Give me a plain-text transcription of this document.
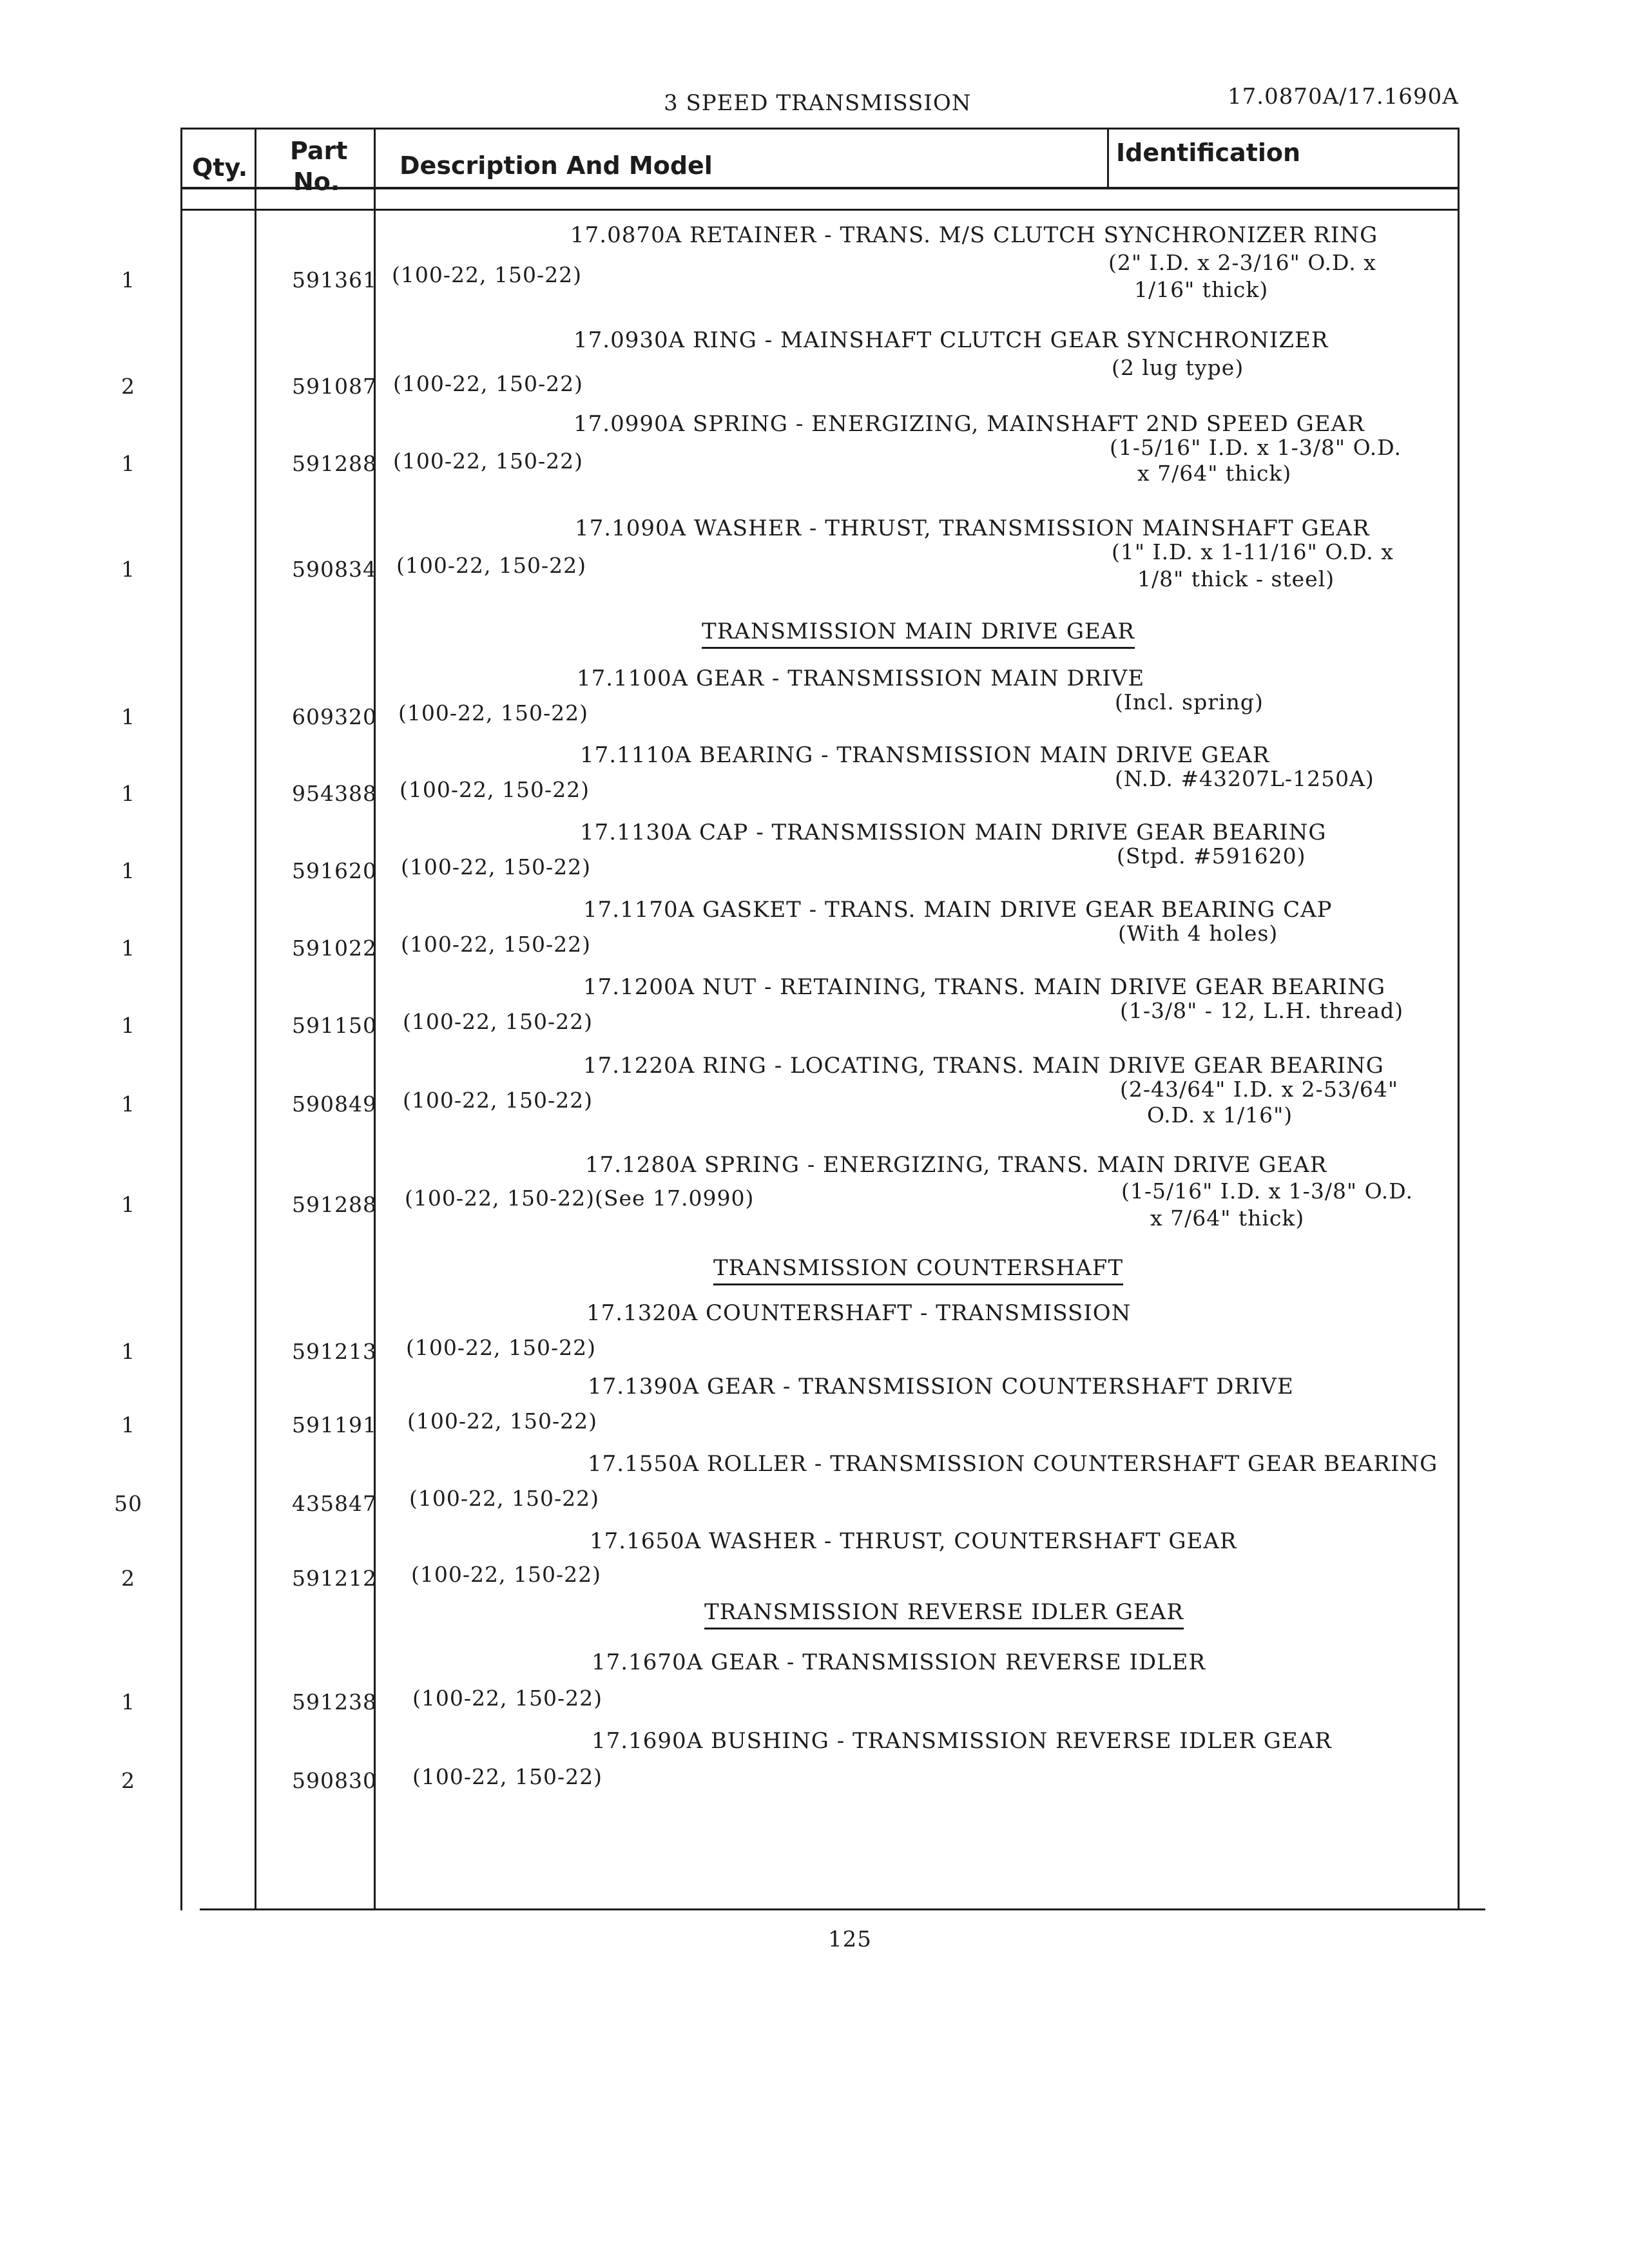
3 SPEED TRANSMISSION	17.0870A/17.1690A
Qty.
Part
No.
Description And Model	Identification
17.0870A RETAINER - TRANS. M/S CLUTCH SYNCHRONIZER RING
1	591361 (100-22, 150-22)	(2" I.D. x 2-3/16" O.D. x
1/16" thick)
17.0930A RING - MAINSHAFT CLUTCH GEAR SYNCHRONIZER
2	591087 (100-22, 150-22)
(2 lug type)
17.0990A SPRING - ENERGIZING, MAINSHAFT 2ND SPEED GEAR
1	591288 (100-22, 150-22)
(1-5/16" I.D. x 1-3/8" O.D.
x 7/64" thick)
17.1090A WASHER - THRUST, TRANSMISSION MAINSHAFT GEAR
1	590834 (100-22, 150-22)
(1" I.D. x 1-11/16" O.D. x
1/8" thick - steel)
TRANSMISSION MAIN DRIVE GEAR
17.1100A GEAR - TRANSMISSION MAIN DRIVE
1	609320 (100-22, 150-22)	(Incl. spring)
17.1110A BEARING - TRANSMISSION MAIN DRIVE GEAR
1	954388 (100-22, 150-22)	(N.D. #43207L-1250A)
17.1130A CAP - TRANSMISSION MAIN DRIVE GEAR BEARING
1	591620 (100-22, 150-22)	(Stpd. #591620)
17.1170A GASKET - TRANS. MAIN DRIVE GEAR BEARING CAP
1	591022 (100-22, 150-22)	(With 4 holes)
17.1200A NUT - RETAINING, TRANS. MAIN DRIVE GEAR BEARING
1	591150 (100-22, 150-22)	(1-3/8" - 12, L.H. thread)
17.1220A RING - LOCATING, TRANS. MAIN DRIVE GEAR BEARING
1	590849 (100-22, 150-22)	(2-43/64" I.D. x 2-53/64"
O.D. x 1/16")
17.1280A SPRING - ENERGIZING, TRANS. MAIN DRIVE GEAR
1	591288 (100-22, 150-22)(See 17.0990)	(1-5/16" I.D. x 1-3/8" O.D.
x 7/64" thick)
TRANSMISSION COUNTERSHAFT
17.1320A COUNTERSHAFT - TRANSMISSION
1	591213 (100-22, 150-22)
17.1390A GEAR - TRANSMISSION COUNTERSHAFT DRIVE
1	591191 (100-22, 150-22)
17.1550A ROLLER - TRANSMISSION COUNTERSHAFT GEAR BEARING
50	435847 (100-22, 150-22)
17.1650A WASHER - THRUST, COUNTERSHAFT GEAR
2	591212 (100-22, 150-22)
TRANSMISSION REVERSE IDLER GEAR
17.1670A GEAR - TRANSMISSION REVERSE IDLER
1	591238 (100-22, 150-22)
17.1690A BUSHING - TRANSMISSION REVERSE IDLER GEAR
2	590830 (100-22, 150-22)
125
